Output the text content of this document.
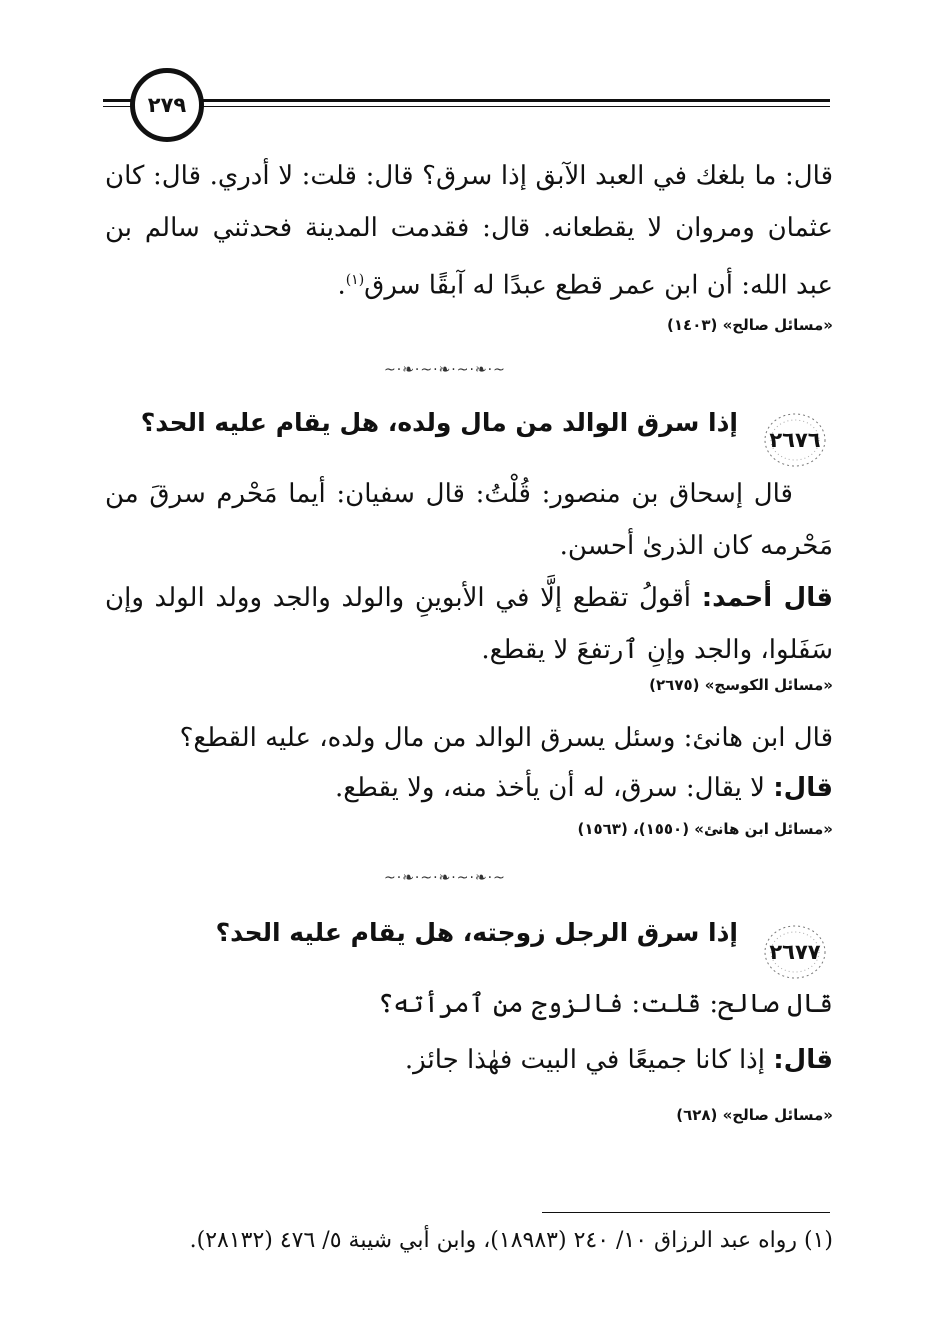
٢٧٩
قال: ما بلغك في العبد الآبق إذا سرق؟ قال: قلت: لا أدري. قال: كان عثمان ومروان لا يقطعانه. قال: فقدمت المدينة فحدثني سالم بن عبد الله: أن ابن عمر قطع عبدًا له آبقًا سرق$^{(١)}$.
«مسائل صالح» (١٤٠٣)
~·❧·~·❧·~·❧·~
٢٦٧٦
إذا سرق الوالد من مال ولده، هل يقام عليه الحد؟
قال إسحاق بن منصور: قُلْتُ: قال سفيان: أيما مَحْرم سرقَ من مَحْرمه كان الذرىٰ أحسن.
قال أحمد: أقولُ تقطع إلَّا في الأبوينِ والولد والجد وولد الولد وإن سَفَلوا، والجد وإنِ ٱرتفعَ لا يقطع.
«مسائل الكوسج» (٢٦٧٥)
قال ابن هانئ: وسئل يسرق الوالد من مال ولده، عليه القطع؟
قال: لا يقال: سرق، له أن يأخذ منه، ولا يقطع.
«مسائل ابن هانئ» (١٥٥٠)، (١٥٦٣)
~·❧·~·❧·~·❧·~
٢٦٧٧
إذا سرق الرجل زوجته، هل يقام عليه الحد؟
قال صالح: قلت: فالزوج من ٱمرأته؟
قال: إذا كانا جميعًا في البيت فهٰذا جائز.
«مسائل صالح» (٦٢٨)
(١) رواه عبد الرزاق ١٠/ ٢٤٠ (١٨٩٨٣)، وابن أبي شيبة ٥/ ٤٧٦ (٢٨١٣٢).
